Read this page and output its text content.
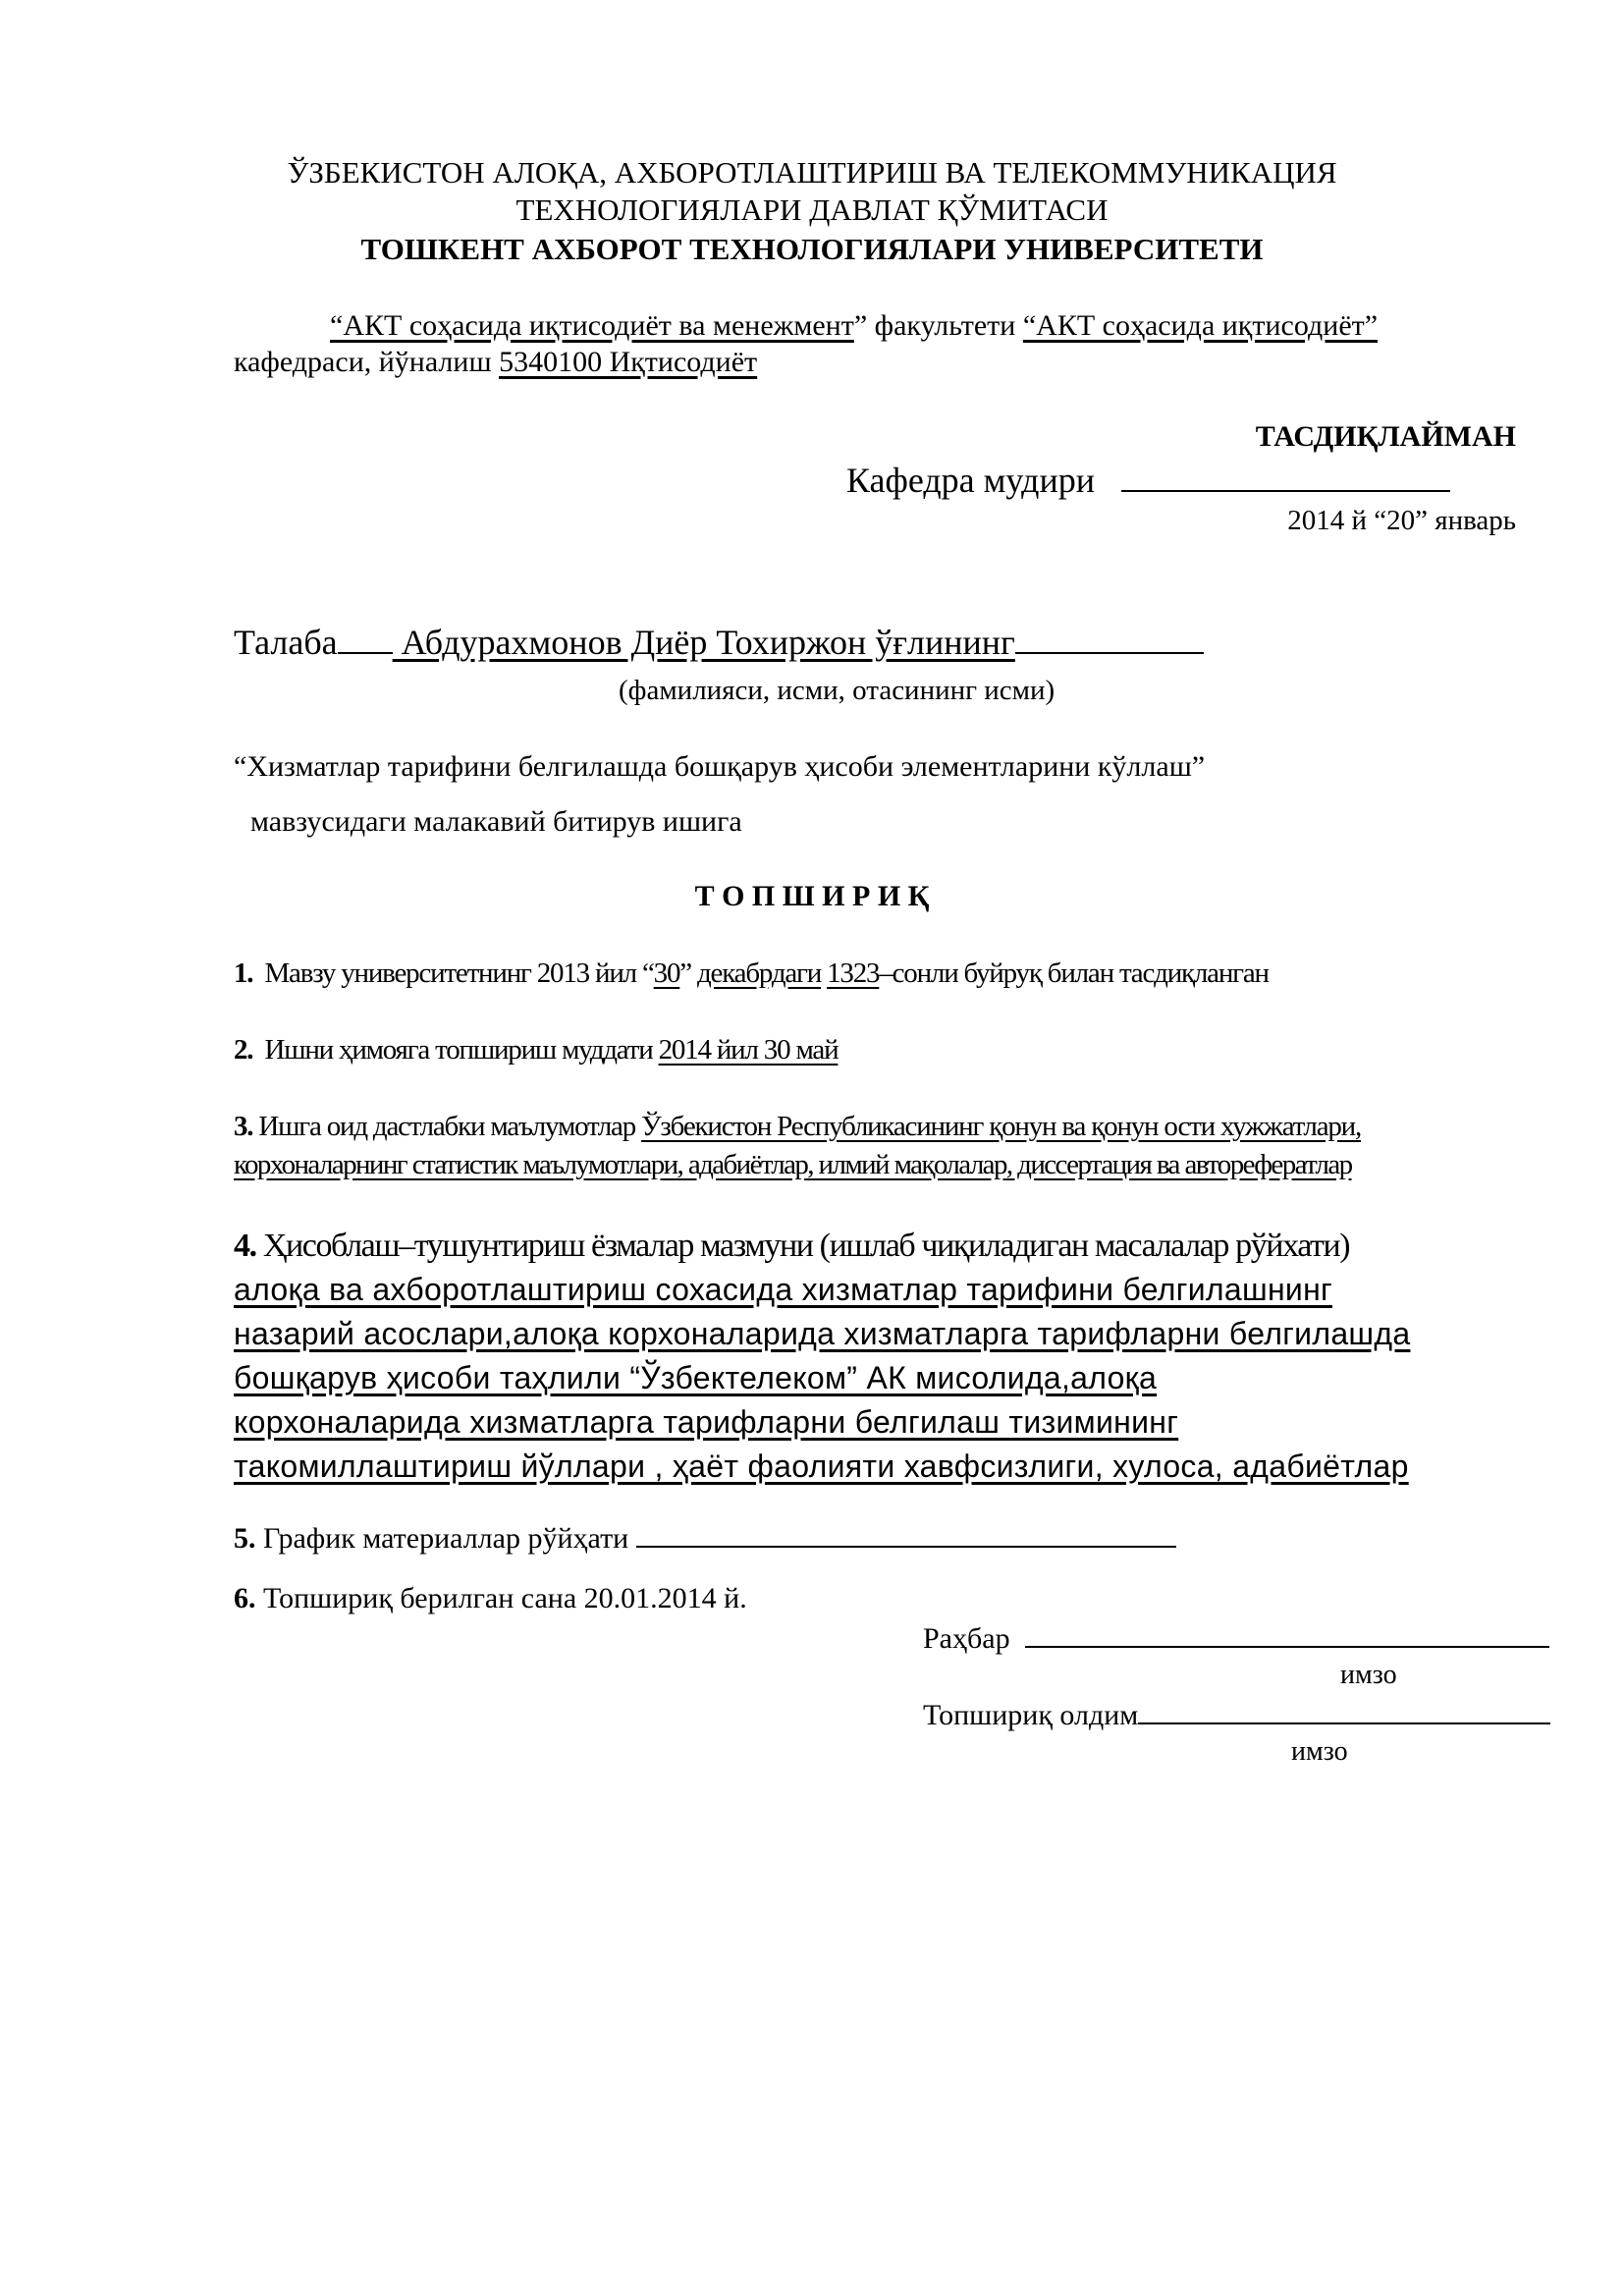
ЎЗБЕКИСТОН АЛОҚА, АХБОРОТЛАШТИРИШ ВА ТЕЛЕКОММУНИКАЦИЯ
ТЕХНОЛОГИЯЛАРИ ДАВЛАТ ҚЎМИТАСИ
ТОШКЕНТ АХБОРОТ ТЕХНОЛОГИЯЛАРИ УНИВЕРСИТЕТИ
“АКТ соҳасида иқтисодиёт ва менежмент” факультети “АКТ соҳасида иқтисодиёт”
кафедраси, йўналиш 5340100 Иқтисодиёт
ТАСДИҚЛАЙМАН
Кафедра мудири
2014 й “20” январь
Талаба Абдурахмонов Диёр Тохиржон ўғлининг
(фамилияси, исми, отасининг исми)
“Хизматлар тарифини белгилашда бошқарув ҳисоби элементларини кўллаш”
мавзусидаги малакавий битирув ишига
Т О П Ш И Р И Қ
1. Мавзу университетнинг 2013 йил “30” декабрдаги 1323–сонли буйруқ билан тасдиқланган
2. Ишни ҳимояга топшириш муддати 2014 йил 30 май
3. Ишга оид дастлабки маълумотлар Ўзбекистон Республикасининг қонун ва қонун ости хужжатлари,
корхоналарнинг статистик маълумотлари, адабиётлар, илмий мақолалар, диссертация ва авторефератлар
4. Ҳисоблаш–тушунтириш ёзмалар мазмуни (ишлаб чиқиладиган масалалар рўйхати)
алоқа ва ахборотлаштириш сохасида хизматлар тарифини белгилашнинг
назарий асослари,алоқа корхоналарида хизматларга тарифларни белгилашда
бошқарув ҳисоби таҳлили “Ўзбектелеком” АК мисолида,алоқа
корхоналарида хизматларга тарифларни белгилаш тизимининг
такомиллаштириш йўллари , ҳаёт фаолияти хавфсизлиги, хулоса, адабиётлар
5. График материаллар рўйҳати
6. Топшириқ берилган сана 20.01.2014 й.
Раҳбар
имзо
Топшириқ олдим
имзо
